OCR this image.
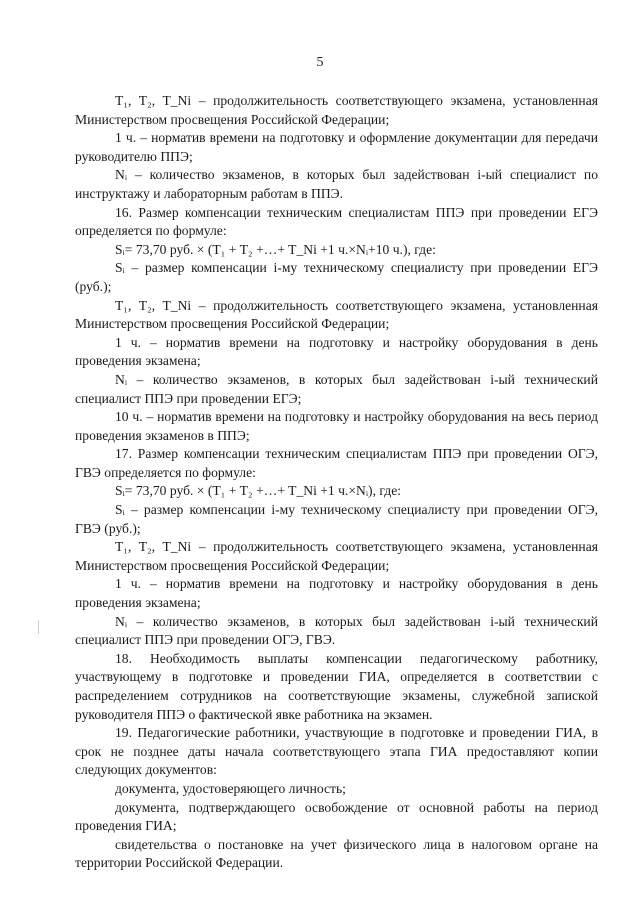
5

T₁, T₂, T_Ni – продолжительность соответствующего экзамена, установленная Министерством просвещения Российской Федерации;

1 ч. – норматив времени на подготовку и оформление документации для передачи руководителю ППЭ;

Nᵢ – количество экзаменов, в которых был задействован i-ый специалист по инструктажу и лабораторным работам в ППЭ.

16. Размер компенсации техническим специалистам ППЭ при проведении ЕГЭ определяется по формуле:

Sᵢ= 73,70 руб. × (T₁ + T₂ +…+ T_Ni +1 ч.×Nᵢ+10 ч.), где:

Sᵢ – размер компенсации i-му техническому специалисту при проведении ЕГЭ (руб.);

T₁, T₂, T_Ni – продолжительность соответствующего экзамена, установленная Министерством просвещения Российской Федерации;

1 ч. – норматив времени на подготовку и настройку оборудования в день проведения экзамена;

Nᵢ – количество экзаменов, в которых был задействован i-ый технический специалист ППЭ при проведении ЕГЭ;

10 ч. – норматив времени на подготовку и настройку оборудования на весь период проведения экзаменов в ППЭ;

17. Размер компенсации техническим специалистам ППЭ при проведении ОГЭ, ГВЭ определяется по формуле:

Sᵢ= 73,70 руб. × (T₁ + T₂ +…+ T_Ni +1 ч.×Nᵢ), где:

Sᵢ – размер компенсации i-му техническому специалисту при проведении ОГЭ, ГВЭ (руб.);

T₁, T₂, T_Ni – продолжительность соответствующего экзамена, установленная Министерством просвещения Российской Федерации;

1 ч. – норматив времени на подготовку и настройку оборудования в день проведения экзамена;

Nᵢ – количество экзаменов, в которых был задействован i-ый технический специалист ППЭ при проведении ОГЭ, ГВЭ.

18. Необходимость выплаты компенсации педагогическому работнику, участвующему в подготовке и проведении ГИА, определяется в соответствии с распределением сотрудников на соответствующие экзамены, служебной запиской руководителя ППЭ о фактической явке работника на экзамен.

19. Педагогические работники, участвующие в подготовке и проведении ГИА, в срок не позднее даты начала соответствующего этапа ГИА предоставляют копии следующих документов:

документа, удостоверяющего личность;

документа, подтверждающего освобождение от основной работы на период проведения ГИА;

свидетельства о постановке на учет физического лица в налоговом органе на территории Российской Федерации.
